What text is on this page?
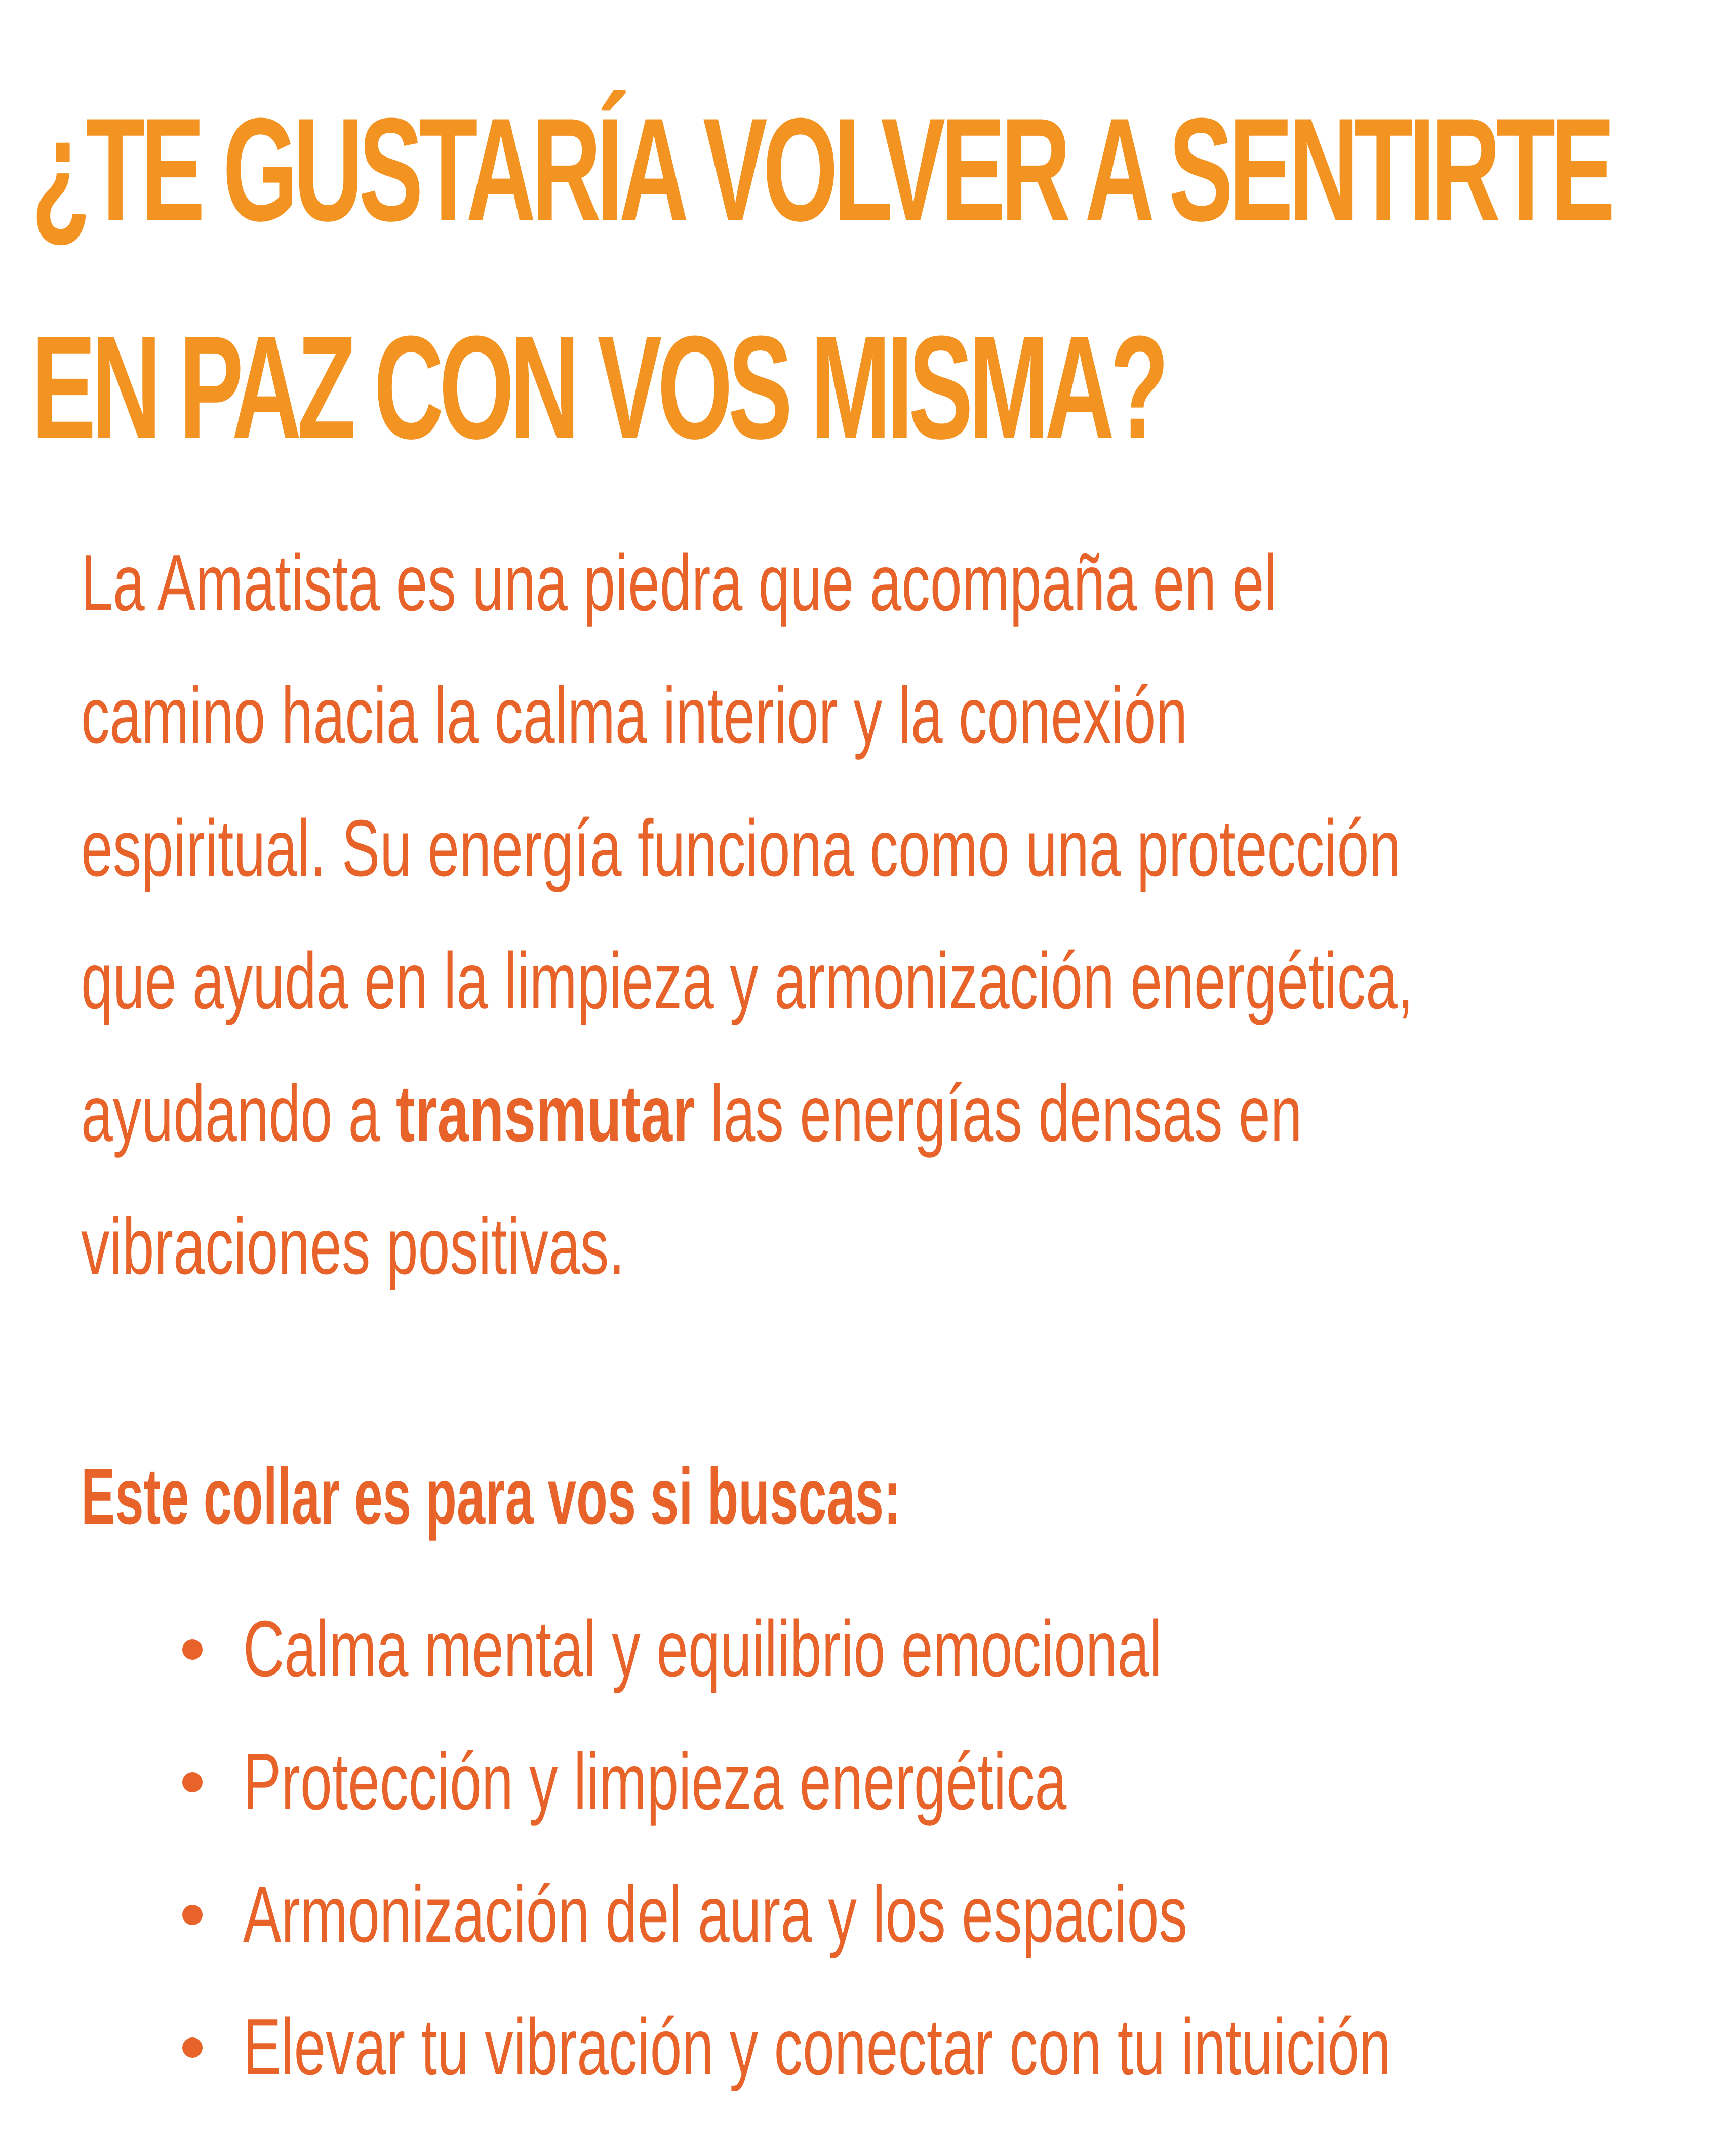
¿TE GUSTARÍA VOLVER A SENTIRTE
EN PAZ CON VOS MISMA?

La Amatista es una piedra que acompaña en el
camino hacia la calma interior y la conexión
espiritual. Su energía funciona como una protección
que ayuda en la limpieza y armonización energética,
ayudando a transmutar las energías densas en
vibraciones positivas.

Este collar es para vos si buscas:

Calma mental y equilibrio emocional
Protección y limpieza energética
Armonización del aura y los espacios
Elevar tu vibración y conectar con tu intuición
